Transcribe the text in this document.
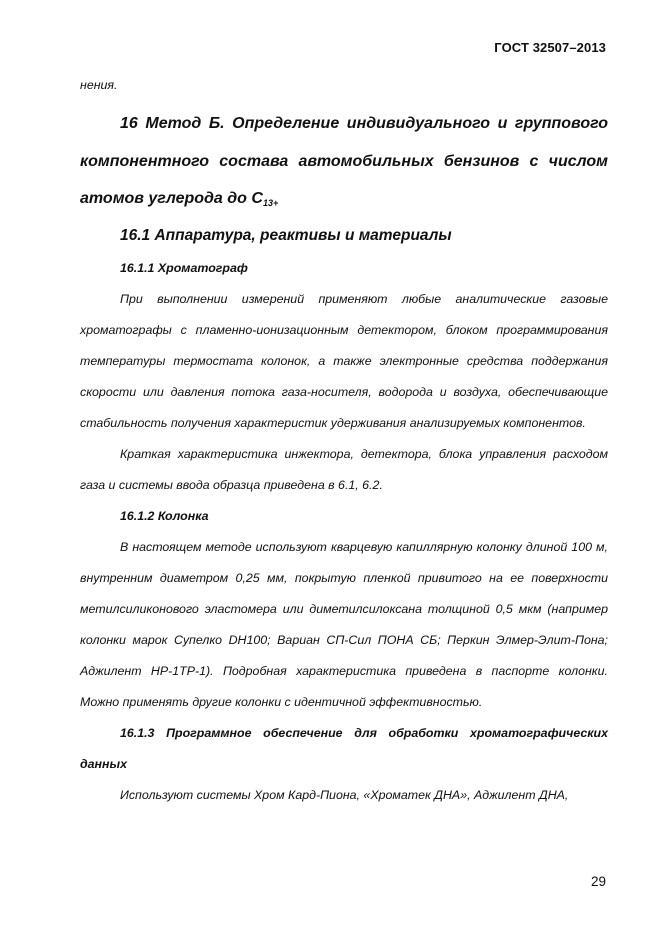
ГОСТ 32507–2013

нения.

16 Метод Б. Определение индивидуального и группового компонентного состава автомобильных бензинов с числом атомов углерода до $С_{13+}$

16.1 Аппаратура, реактивы и материалы

16.1.1 Хроматограф

При выполнении измерений применяют любые аналитические газовые хроматографы с пламенно-ионизационным детектором, блоком программирования температуры термостата колонок, а также электронные средства поддержания скорости или давления потока газа-носителя, водорода и воздуха, обеспечивающие стабильность получения характеристик удерживания анализируемых компонентов.

Краткая характеристика инжектора, детектора, блока управления расходом газа и системы ввода образца приведена в 6.1, 6.2.

16.1.2 Колонка

В настоящем методе используют кварцевую капиллярную колонку длиной 100 м, внутренним диаметром 0,25 мм, покрытую пленкой привитого на ее поверхности метилсиликонового эластомера или диметилсилоксана толщиной 0,5 мкм (например колонки марок Супелко DH100; Вариан СП-Сил ПОНА СБ; Перкин Элмер-Элит-Пона; Аджилент НР-1ТР-1). Подробная характеристика приведена в паспорте колонки. Можно применять другие колонки с идентичной эффективностью.

16.1.3 Программное обеспечение для обработки хроматографических данных

Используют системы Хром Кард-Пиона, «Хроматек ДНА», Аджилент ДНА,

29
